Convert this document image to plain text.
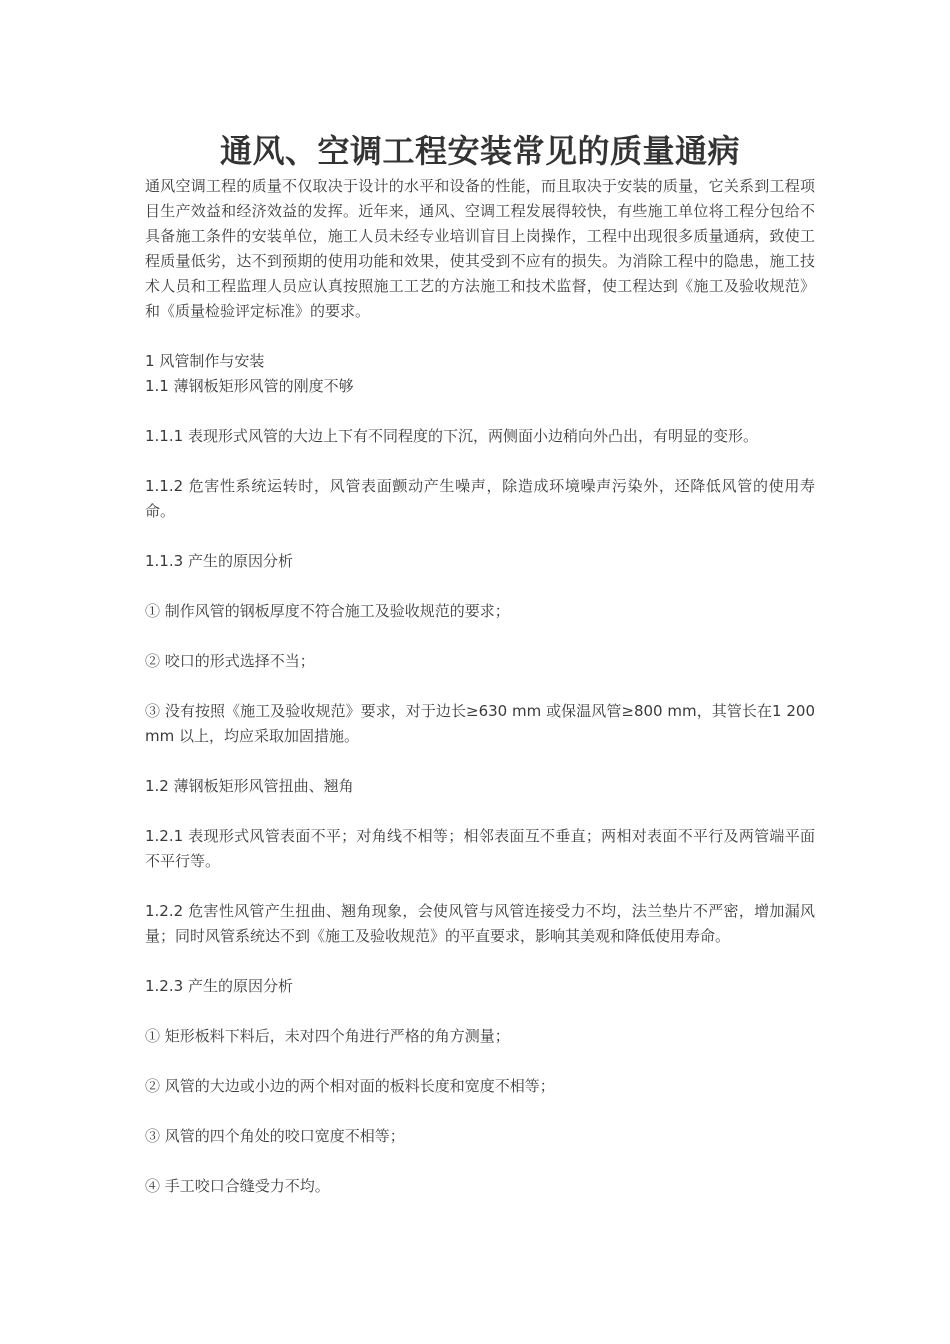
通风、空调工程安装常见的质量通病

通风空调工程的质量不仅取决于设计的水平和设备的性能，而且取决于安装的质量，它关系到工程项目生产效益和经济效益的发挥。近年来，通风、空调工程发展得较快，有些施工单位将工程分包给不具备施工条件的安装单位，施工人员未经专业培训盲目上岗操作，工程中出现很多质量通病，致使工程质量低劣，达不到预期的使用功能和效果，使其受到不应有的损失。为消除工程中的隐患，施工技术人员和工程监理人员应认真按照施工工艺的方法施工和技术监督，使工程达到《施工及验收规范》和《质量检验评定标准》的要求。

1 风管制作与安装

1.1 薄钢板矩形风管的刚度不够

1.1.1 表现形式风管的大边上下有不同程度的下沉，两侧面小边稍向外凸出，有明显的变形。

1.1.2 危害性系统运转时，风管表面颤动产生噪声，除造成环境噪声污染外，还降低风管的使用寿命。

1.1.3 产生的原因分析

① 制作风管的钢板厚度不符合施工及验收规范的要求；

② 咬口的形式选择不当；

③ 没有按照《施工及验收规范》要求，对于边长≥630 mm 或保温风管≥800 mm，其管长在1 200mm 以上，均应采取加固措施。

1.2 薄钢板矩形风管扭曲、翘角

1.2.1 表现形式风管表面不平；对角线不相等；相邻表面互不垂直；两相对表面不平行及两管端平面不平行等。

1.2.2 危害性风管产生扭曲、翘角现象，会使风管与风管连接受力不均，法兰垫片不严密，增加漏风量；同时风管系统达不到《施工及验收规范》的平直要求，影响其美观和降低使用寿命。

1.2.3 产生的原因分析

① 矩形板料下料后，未对四个角进行严格的角方测量；

② 风管的大边或小边的两个相对面的板料长度和宽度不相等；

③ 风管的四个角处的咬口宽度不相等；

④ 手工咬口合缝受力不均。
